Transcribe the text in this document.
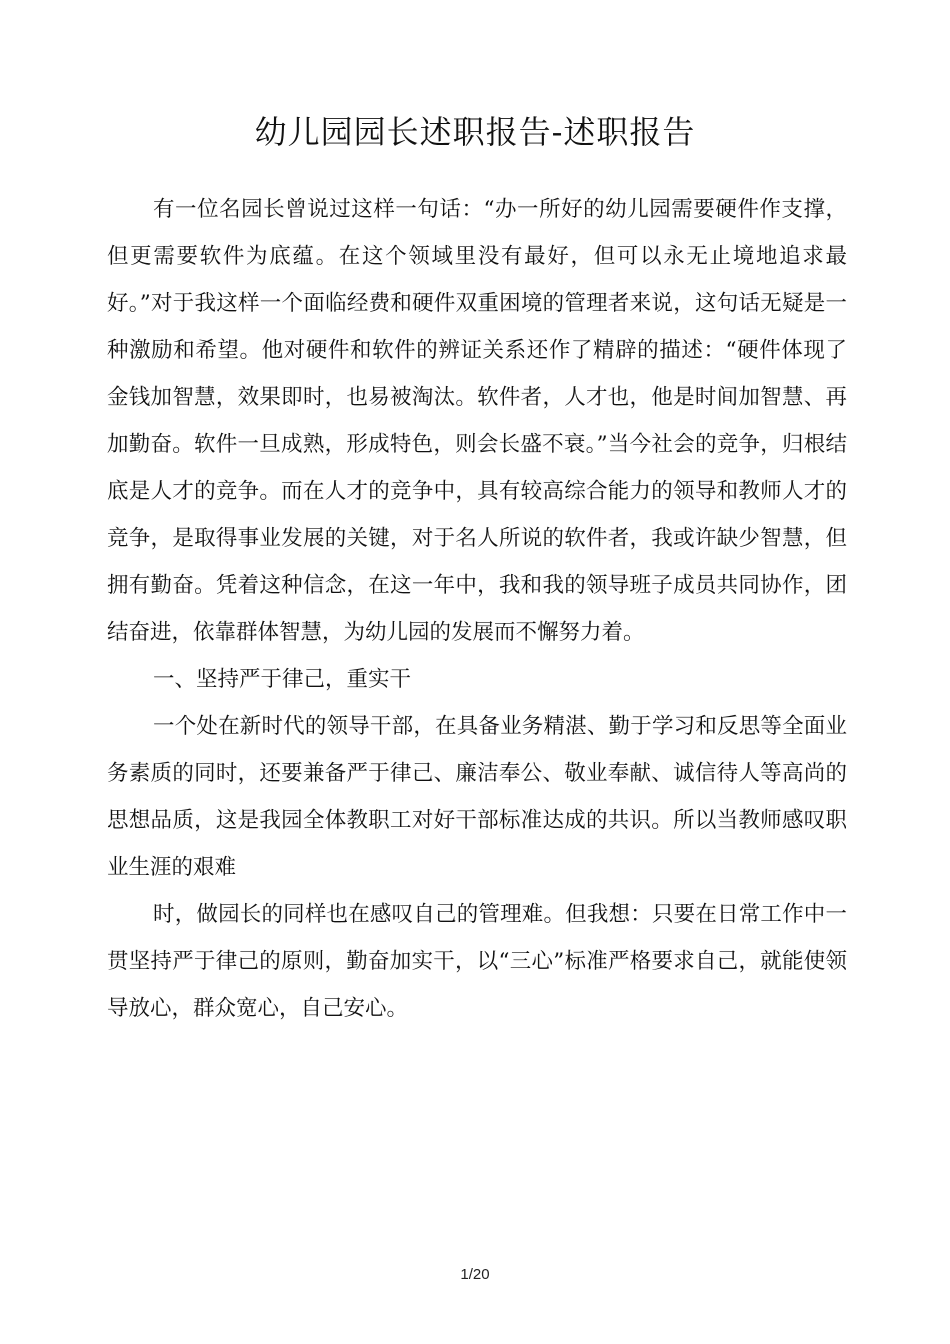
幼儿园园长述职报告-述职报告

有一位名园长曾说过这样一句话：“办一所好的幼儿园需要硬件作支撑，但更需要软件为底蕴。在这个领域里没有最好，但可以永无止境地追求最好。”对于我这样一个面临经费和硬件双重困境的管理者来说，这句话无疑是一种激励和希望。他对硬件和软件的辨证关系还作了精辟的描述：“硬件体现了金钱加智慧，效果即时，也易被淘汰。软件者，人才也，他是时间加智慧、再加勤奋。软件一旦成熟，形成特色，则会长盛不衰。”当今社会的竞争，归根结底是人才的竞争。而在人才的竞争中，具有较高综合能力的领导和教师人才的竞争，是取得事业发展的关键，对于名人所说的软件者，我或许缺少智慧，但拥有勤奋。凭着这种信念，在这一年中，我和我的领导班子成员共同协作，团结奋进，依靠群体智慧，为幼儿园的发展而不懈努力着。

一、坚持严于律己，重实干

一个处在新时代的领导干部，在具备业务精湛、勤于学习和反思等全面业务素质的同时，还要兼备严于律己、廉洁奉公、敬业奉献、诚信待人等高尚的思想品质，这是我园全体教职工对好干部标准达成的共识。所以当教师感叹职业生涯的艰难

时，做园长的同样也在感叹自己的管理难。但我想：只要在日常工作中一贯坚持严于律己的原则，勤奋加实干，以“三心”标准严格要求自己，就能使领导放心，群众宽心，自己安心。

1/20
